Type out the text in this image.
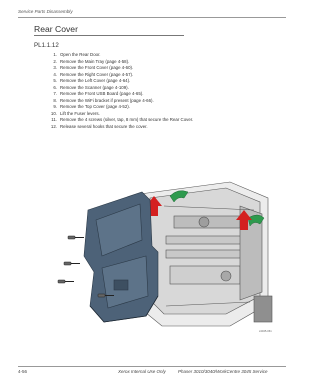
Service Parts Disassembly
Rear Cover
PL1.1.12
1. Open the Rear Door.
2. Remove the Main Tray (page 4-58).
3. Remove the Front Cover (page 4-60).
4. Remove the Right Cover (page 4-57).
5. Remove the Left Cover (page 4-64).
6. Remove the Scanner (page 4-109).
7. Remove the Front USB Board (page 4-65).
8. Remove the WiFi bracket if present (page 4-66).
9. Remove the Top Cover (page 4-52).
10. Lift the Fuser levers.
11. Remove the 4 screws (silver, tap, 8 mm) that secure the Rear Cover.
12. Release several hooks that secure the cover.
s3045-061
4-56	Xerox Internal Use Only	Phaser 3010/3040/WorkCentre 3045 Service
